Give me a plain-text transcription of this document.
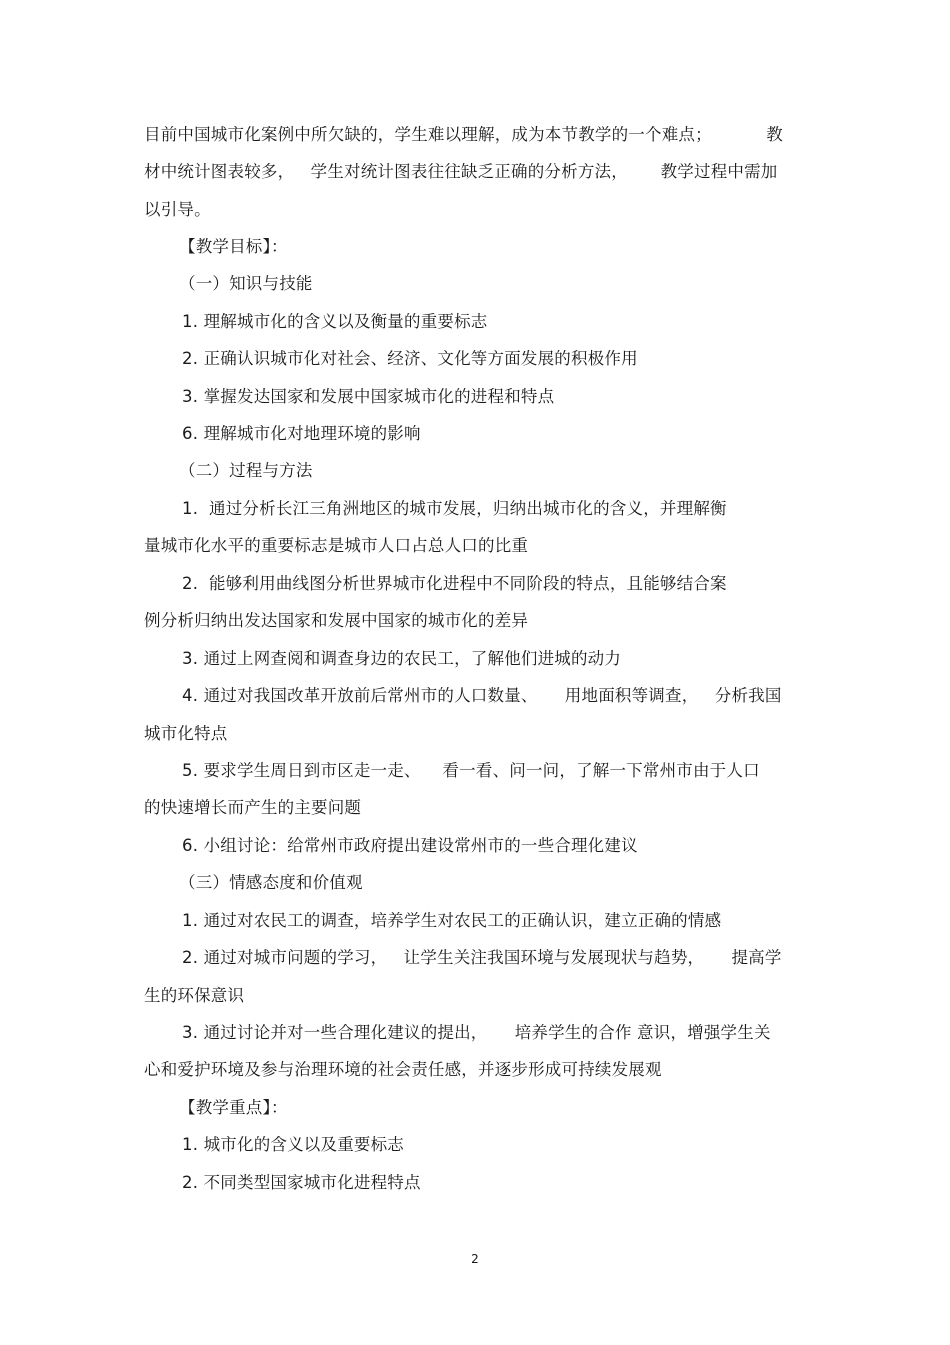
目前中国城市化案例中所欠缺的，学生难以理解，成为本节教学的一个难点；          教
材中统计图表较多，   学生对统计图表往往缺乏正确的分析方法，      教学过程中需加
以引导。
【教学目标】：
（一）知识与技能
1. 理解城市化的含义以及衡量的重要标志
2. 正确认识城市化对社会、经济、文化等方面发展的积极作用
3. 掌握发达国家和发展中国家城市化的进程和特点
6. 理解城市化对地理环境的影响
（二）过程与方法
1.  通过分析长江三角洲地区的城市发展，归纳出城市化的含义，并理解衡
量城市化水平的重要标志是城市人口占总人口的比重
2.  能够利用曲线图分析世界城市化进程中不同阶段的特点，且能够结合案
例分析归纳出发达国家和发展中国家的城市化的差异
3. 通过上网查阅和调查身边的农民工，了解他们进城的动力
4. 通过对我国改革开放前后常州市的人口数量、     用地面积等调查，   分析我国
城市化特点
5. 要求学生周日到市区走一走、    看一看、问一问，了解一下常州市由于人口
的快速增长而产生的主要问题
6. 小组讨论：给常州市政府提出建设常州市的一些合理化建议
（三）情感态度和价值观
1. 通过对农民工的调查，培养学生对农民工的正确认识，建立正确的情感
2. 通过对城市问题的学习，   让学生关注我国环境与发展现状与趋势，     提高学
生的环保意识
3. 通过讨论并对一些合理化建议的提出，     培养学生的合作 意识，增强学生关
心和爱护环境及参与治理环境的社会责任感，并逐步形成可持续发展观
【教学重点】：
1. 城市化的含义以及重要标志
2. 不同类型国家城市化进程特点
2
